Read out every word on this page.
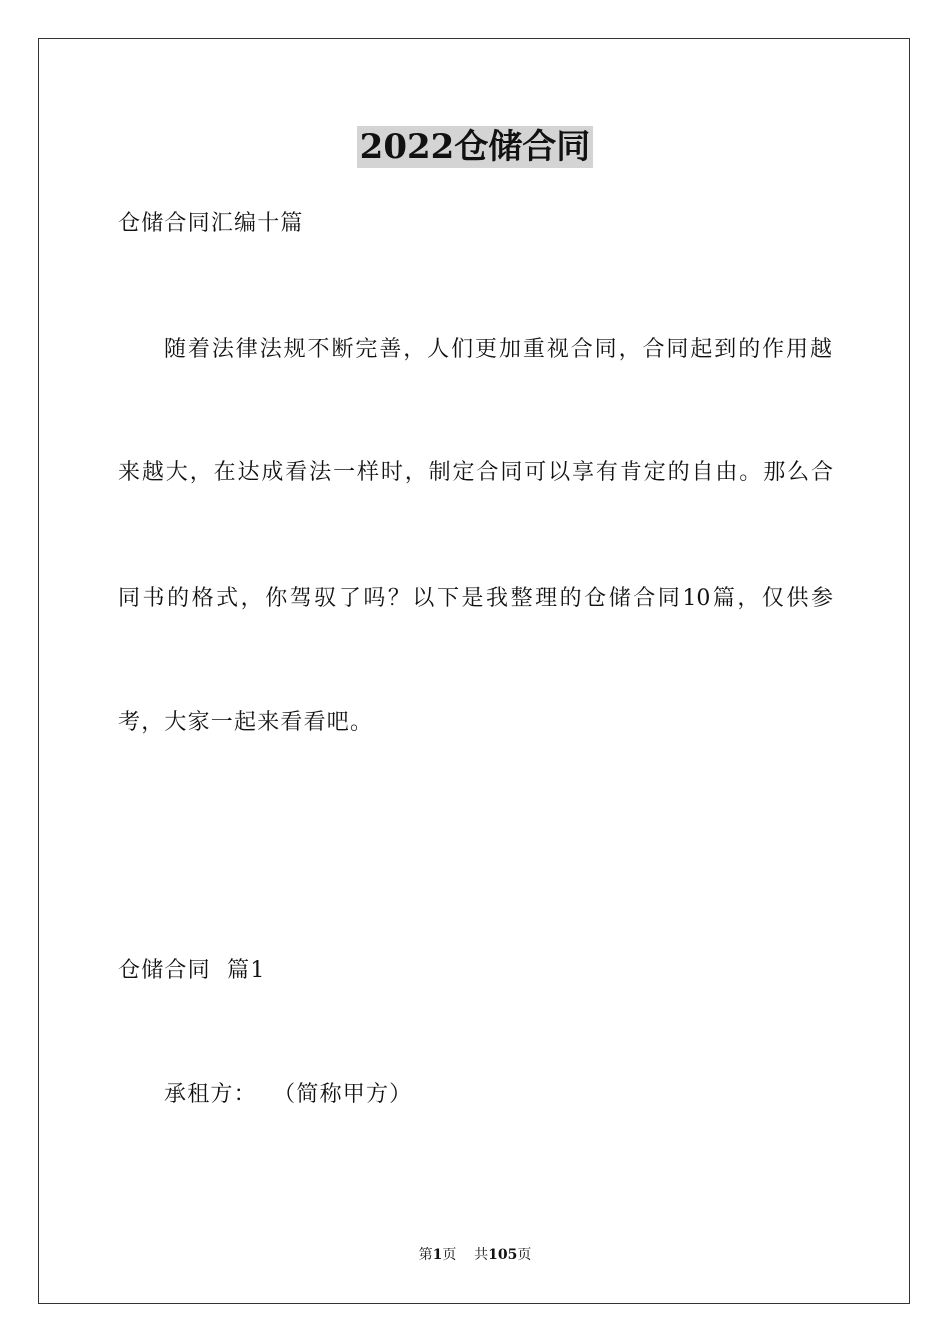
2022仓储合同
仓储合同汇编十篇
随着法律法规不断完善，人们更加重视合同，合同起到的作用越
来越大，在达成看法一样时，制定合同可以享有肯定的自由。那么合
同书的格式，你驾驭了吗？以下是我整理的仓储合同10篇，仅供参
考，大家一起来看看吧。
仓储合同  篇1
承租方：  （简称甲方）
第1页 共105页
